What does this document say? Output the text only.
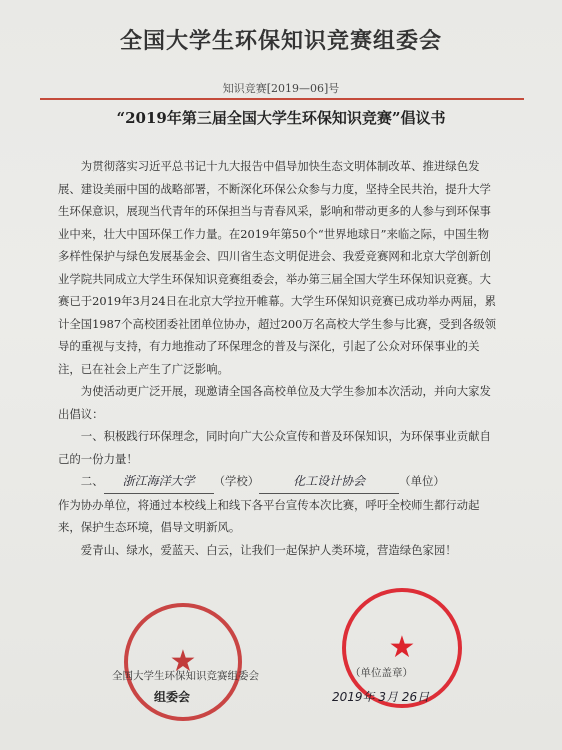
全国大学生环保知识竞赛组委会
知识竞赛[2019—06]号
“2019年第三届全国大学生环保知识竞赛”倡议书

为贯彻落实习近平总书记十九大报告中倡导加快生态文明体制改革、推进绿色发展、建设美丽中国的战略部署，不断深化环保公众参与力度，坚持全民共治，提升大学生环保意识，展现当代青年的环保担当与青春风采，影响和带动更多的人参与到环保事业中来，壮大中国环保工作力量。在2019年第50个“世界地球日”来临之际，中国生物多样性保护与绿色发展基金会、四川省生态文明促进会、我爱竞赛网和北京大学创新创业学院共同成立大学生环保知识竞赛组委会，举办第三届全国大学生环保知识竞赛。大赛已于2019年3月24日在北京大学拉开帷幕。大学生环保知识竞赛已成功举办两届，累计全国1987个高校团委社团单位协办，超过200万名高校大学生参与比赛，受到各级领导的重视与支持，有力地推动了环保理念的普及与深化，引起了公众对环保事业的关注，已在社会上产生了广泛影响。

为使活动更广泛开展，现邀请全国各高校单位及大学生参加本次活动，并向大家发出倡议：

一、积极践行环保理念，同时向广大公众宣传和普及环保知识，为环保事业贡献自己的一份力量！

二、 浙江海洋大学 （学校）	化工设计协会	（单位）

作为协办单位，将通过本校线上和线下各平台宣传本次比赛，呼吁全校师生都行动起来，保护生态环境，倡导文明新风。

爱青山、绿水，爱蓝天、白云，让我们一起保护人类环境，营造绿色家园！

★	★
全国大学生环保知识竞赛组委会
组委会
（单位盖章）
2019年 3月 26日
